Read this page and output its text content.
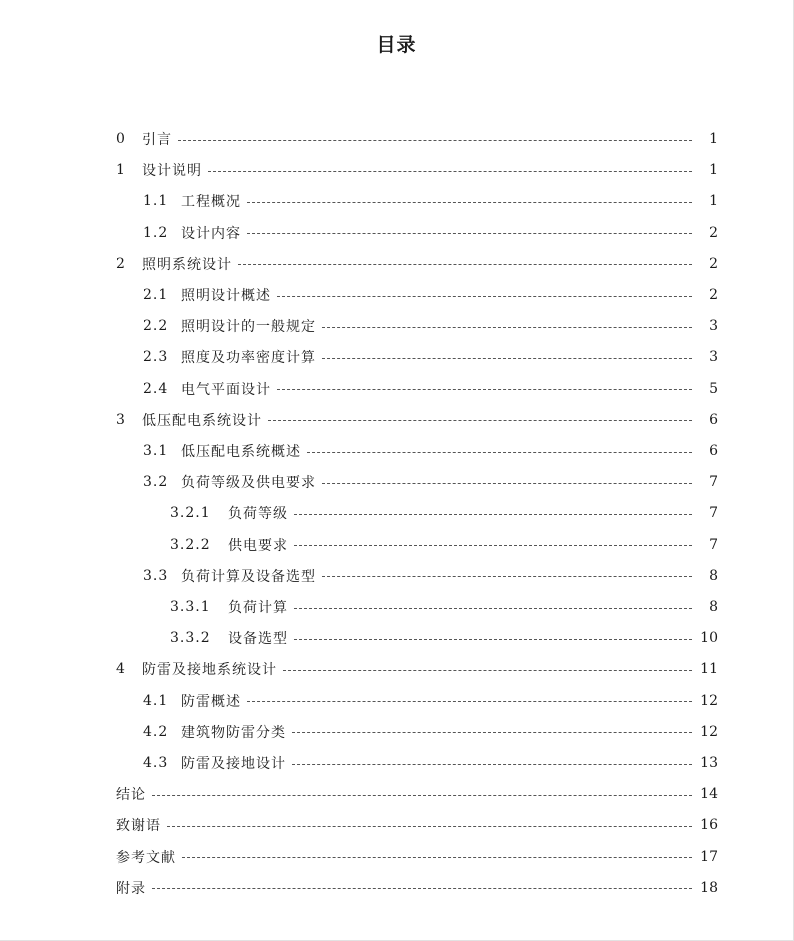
目录
0	引言	1
1	设计说明	1
1.1 工程概况	1
1.2 设计内容	2
2	照明系统设计	2
2.1 照明设计概述	2
2.2 照明设计的一般规定	3
2.3 照度及功率密度计算	3
2.4 电气平面设计	5
3	低压配电系统设计	6
3.1 低压配电系统概述	6
3.2 负荷等级及供电要求	7
3.2.1	负荷等级	7
3.2.2	供电要求	7
3.3 负荷计算及设备选型	8
3.3.1	负荷计算	8
3.3.2	设备选型	10
4	防雷及接地系统设计	11
4.1 防雷概述	12
4.2 建筑物防雷分类	12
4.3 防雷及接地设计	13
结论	14
致谢语	16
参考文献	17
附录	18
